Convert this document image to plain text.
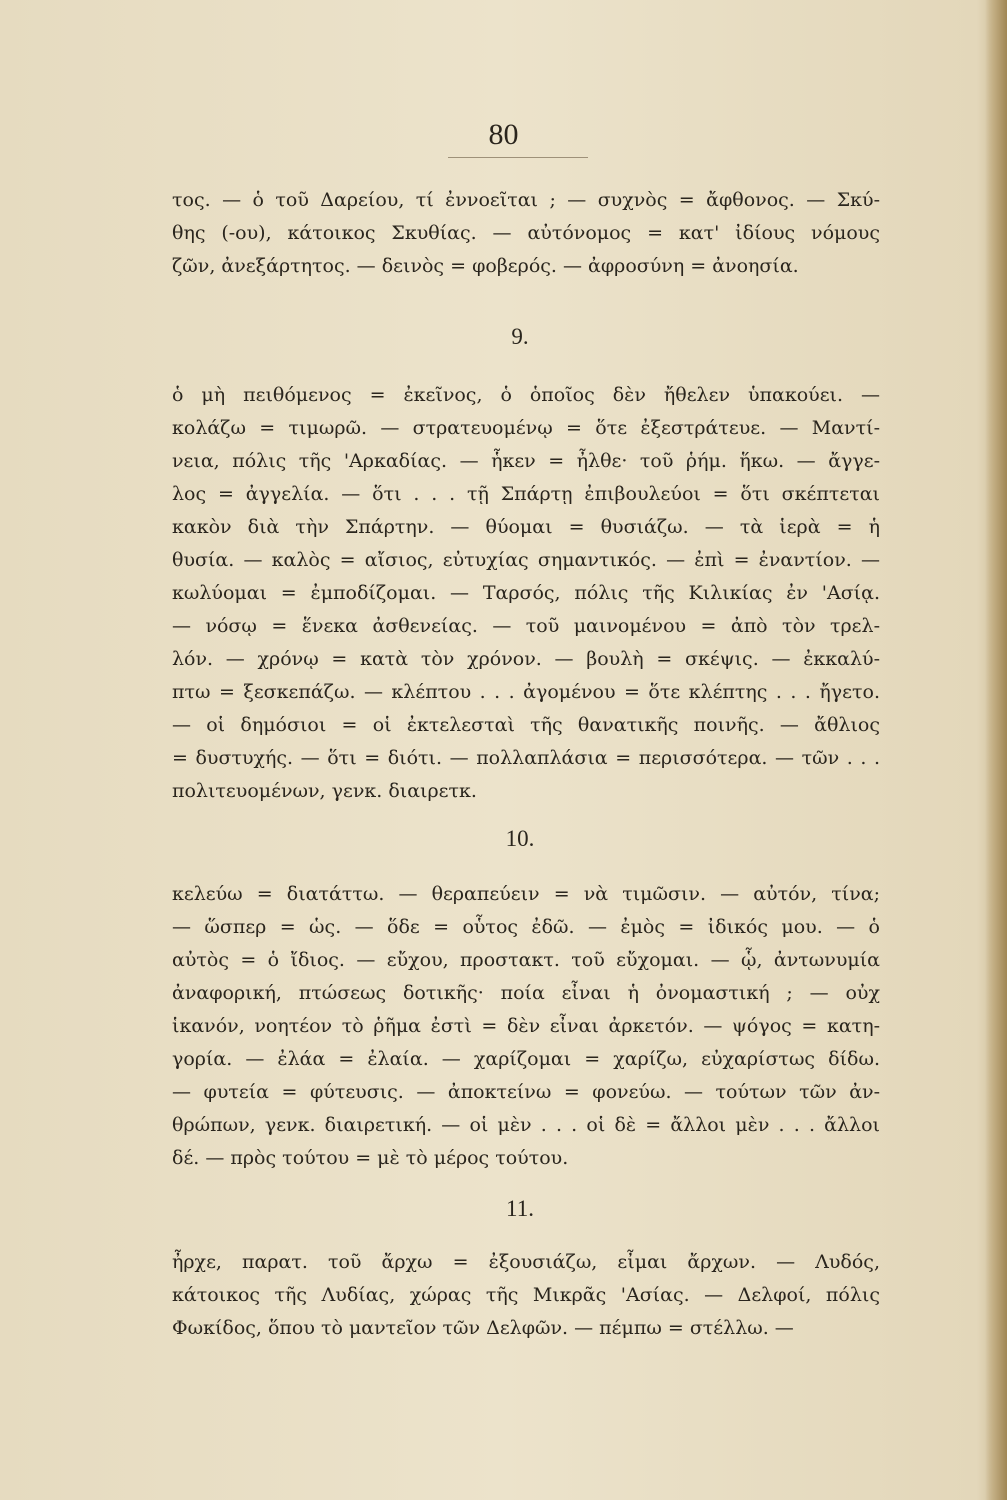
80
τος. — ὁ τοῦ Δαρείου, τί ἐννοεῖται ; — συχνὸς = ἄφθονος. — Σκύ-
θης (-ου), κάτοικος Σκυθίας. — αὐτόνομος = κατ' ἰδίους νόμους
ζῶν, ἀνεξάρτητος. — δεινὸς = φοβερός. — ἀφροσύνη = ἀνοησία.
9.
ὁ μὴ πειθόμενος = ἐκεῖνος, ὁ ὁποῖος δὲν ἤθελεν ὑπακούει. —
κολάζω = τιμωρῶ. — στρατευομένῳ = ὅτε ἐξεστράτευε. — Μαντί-
νεια, πόλις τῆς 'Αρκαδίας. — ἧκεν = ἦλθε· τοῦ ῥήμ. ἥκω. — ἄγγε-
λος = ἀγγελία. — ὅτι . . . τῇ Σπάρτῃ ἐπιβουλεύοι = ὅτι σκέπτεται
κακὸν διὰ τὴν Σπάρτην. — θύομαι = θυσιάζω. — τὰ ἱερὰ = ἡ
θυσία. — καλὸς = αἴσιος, εὐτυχίας σημαντικός. — ἐπὶ = ἐναντίον. —
κωλύομαι = ἐμποδίζομαι. — Ταρσός, πόλις τῆς Κιλικίας ἐν 'Ασίᾳ.
— νόσῳ = ἕνεκα ἀσθενείας. — τοῦ μαινομένου = ἀπὸ τὸν τρελ-
λόν. — χρόνῳ = κατὰ τὸν χρόνον. — βουλὴ = σκέψις. — ἐκκαλύ-
πτω = ξεσκεπάζω. — κλέπτου . . . ἀγομένου = ὅτε κλέπτης . . . ἤγετο.
— οἱ δημόσιοι = οἱ ἐκτελεσταὶ τῆς θανατικῆς ποινῆς. — ἄθλιος
= δυστυχής. — ὅτι = διότι. — πολλαπλάσια = περισσότερα. — τῶν . . .
πολιτευομένων, γενκ. διαιρετκ.
10.
κελεύω = διατάττω. — θεραπεύειν = νὰ τιμῶσιν. — αὐτόν, τίνα;
— ὥσπερ = ὡς. — ὅδε = οὗτος ἐδῶ. — ἐμὸς = ἰδικός μου. — ὁ
αὐτὸς = ὁ ἴδιος. — εὔχου, προστακτ. τοῦ εὔχομαι. — ᾧ, ἀντωνυμία
ἀναφορική, πτώσεως δοτικῆς· ποία εἶναι ἡ ὀνομαστική ; — οὐχ
ἱκανόν, νοητέον τὸ ῥῆμα ἐστὶ = δὲν εἶναι ἀρκετόν. — ψόγος = κατη-
γορία. — ἐλάα = ἐλαία. — χαρίζομαι = χαρίζω, εὐχαρίστως δίδω.
— φυτεία = φύτευσις. — ἀποκτείνω = φονεύω. — τούτων τῶν ἀν-
θρώπων, γενκ. διαιρετική. — οἱ μὲν . . . οἱ δὲ = ἄλλοι μὲν . . . ἄλλοι
δέ. — πρὸς τούτου = μὲ τὸ μέρος τούτου.
11.
ἦρχε, παρατ. τοῦ ἄρχω = ἐξουσιάζω, εἶμαι ἄρχων. — Λυδός,
κάτοικος τῆς Λυδίας, χώρας τῆς Μικρᾶς 'Ασίας. — Δελφοί, πόλις
Φωκίδος, ὅπου τὸ μαντεῖον τῶν Δελφῶν. — πέμπω = στέλλω. —
